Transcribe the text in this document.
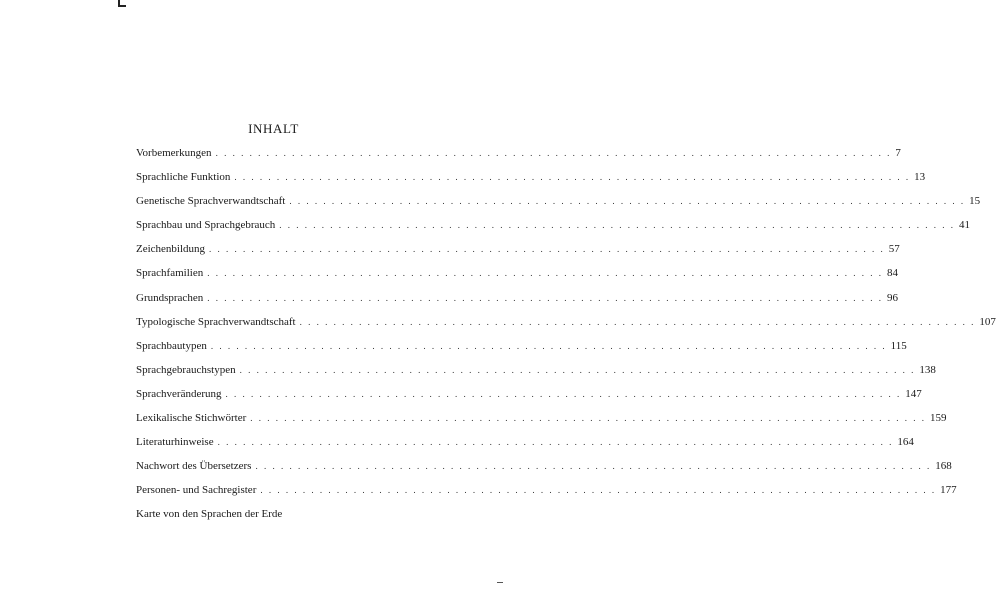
INHALT
Vorbemerkungen . . . . . . . . . . . . . . . . . . . . . . . . . . . . . . . . . . . . . . . . . . . . . . . . . . . . . . . . . . . . . . . . . . . . . . . . . . . . . . . . 7
Sprachliche Funktion . . . . . . . . . . . . . . . . . . . . . . . . . . . . . . . . . . . . . . . . . . . . . . . . . . . . . . . . . . . . . . . . . . . . . . . . . . . . . . . . 13
Genetische Sprachverwandtschaft . . . . . . . . . . . . . . . . . . . . . . . . . . . . . . . . . . . . . . . . . . . . . . . . . . . . . . . . . . . . . . . . . . . . . . . . . . . . . . . . 15
Sprachbau und Sprachgebrauch . . . . . . . . . . . . . . . . . . . . . . . . . . . . . . . . . . . . . . . . . . . . . . . . . . . . . . . . . . . . . . . . . . . . . . . . . . . . . . . . 41
Zeichenbildung . . . . . . . . . . . . . . . . . . . . . . . . . . . . . . . . . . . . . . . . . . . . . . . . . . . . . . . . . . . . . . . . . . . . . . . . . . . . . . . . 57
Sprachfamilien . . . . . . . . . . . . . . . . . . . . . . . . . . . . . . . . . . . . . . . . . . . . . . . . . . . . . . . . . . . . . . . . . . . . . . . . . . . . . . . . 84
Grundsprachen . . . . . . . . . . . . . . . . . . . . . . . . . . . . . . . . . . . . . . . . . . . . . . . . . . . . . . . . . . . . . . . . . . . . . . . . . . . . . . . . 96
Typologische Sprachverwandtschaft . . . . . . . . . . . . . . . . . . . . . . . . . . . . . . . . . . . . . . . . . . . . . . . . . . . . . . . . . . . . . . . . . . . . . . . . . . . . . . . . 107
Sprachbautypen . . . . . . . . . . . . . . . . . . . . . . . . . . . . . . . . . . . . . . . . . . . . . . . . . . . . . . . . . . . . . . . . . . . . . . . . . . . . . . . . 115
Sprachgebrauchstypen . . . . . . . . . . . . . . . . . . . . . . . . . . . . . . . . . . . . . . . . . . . . . . . . . . . . . . . . . . . . . . . . . . . . . . . . . . . . . . . . 138
Sprachveränderung . . . . . . . . . . . . . . . . . . . . . . . . . . . . . . . . . . . . . . . . . . . . . . . . . . . . . . . . . . . . . . . . . . . . . . . . . . . . . . . . 147
Lexikalische Stichwörter . . . . . . . . . . . . . . . . . . . . . . . . . . . . . . . . . . . . . . . . . . . . . . . . . . . . . . . . . . . . . . . . . . . . . . . . . . . . . . . . 159
Literaturhinweise . . . . . . . . . . . . . . . . . . . . . . . . . . . . . . . . . . . . . . . . . . . . . . . . . . . . . . . . . . . . . . . . . . . . . . . . . . . . . . . . 164
Nachwort des Übersetzers . . . . . . . . . . . . . . . . . . . . . . . . . . . . . . . . . . . . . . . . . . . . . . . . . . . . . . . . . . . . . . . . . . . . . . . . . . . . . . . . 168
Personen- und Sachregister . . . . . . . . . . . . . . . . . . . . . . . . . . . . . . . . . . . . . . . . . . . . . . . . . . . . . . . . . . . . . . . . . . . . . . . . . . . . . . . . 177
Karte von den Sprachen der Erde
